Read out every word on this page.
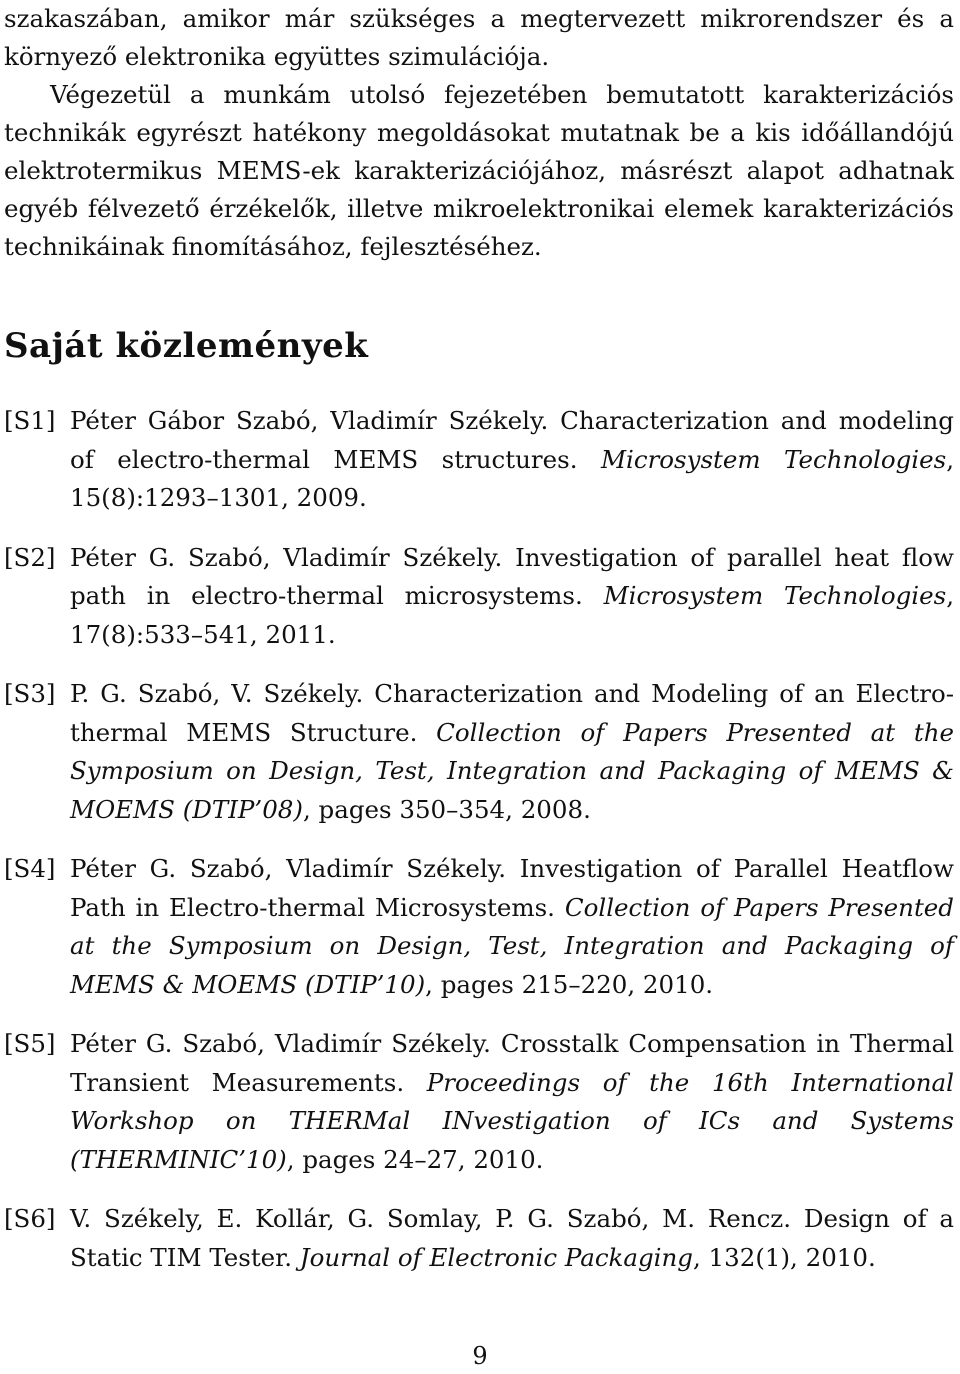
szakaszában, amikor már szükséges a megtervezett mikrorendszer és a környező elektronika együttes szimulációja.

Végezetül a munkám utolsó fejezetében bemutatott karakterizációs technikák egyrészt hatékony megoldásokat mutatnak be a kis időállandójú elektrotermikus MEMS-ek karakterizációjához, másrészt alapot adhatnak egyéb félvezető érzékelők, illetve mikroelektronikai elemek karakterizációs technikáinak finomításához, fejlesztéséhez.

Saját közlemények
[S1] Péter Gábor Szabó, Vladimír Székely. Characterization and modeling of electro-thermal MEMS structures. Microsystem Technologies, 15(8):1293–1301, 2009.
[S2] Péter G. Szabó, Vladimír Székely. Investigation of parallel heat flow path in electro-thermal microsystems. Microsystem Technologies, 17(8):533–541, 2011.
[S3] P. G. Szabó, V. Székely. Characterization and Modeling of an Electro-thermal MEMS Structure. Collection of Papers Presented at the Symposium on Design, Test, Integration and Packaging of MEMS & MOEMS (DTIP’08), pages 350–354, 2008.
[S4] Péter G. Szabó, Vladimír Székely. Investigation of Parallel Heatflow Path in Electro-thermal Microsystems. Collection of Papers Presented at the Symposium on Design, Test, Integration and Packaging of MEMS & MOEMS (DTIP’10), pages 215–220, 2010.
[S5] Péter G. Szabó, Vladimír Székely. Crosstalk Compensation in Thermal Transient Measurements. Proceedings of the 16th International Workshop on THERMal INvestigation of ICs and Systems (THERMINIC’10), pages 24–27, 2010.
[S6] V. Székely, E. Kollár, G. Somlay, P. G. Szabó, M. Rencz. Design of a Static TIM Tester. Journal of Electronic Packaging, 132(1), 2010.
9
